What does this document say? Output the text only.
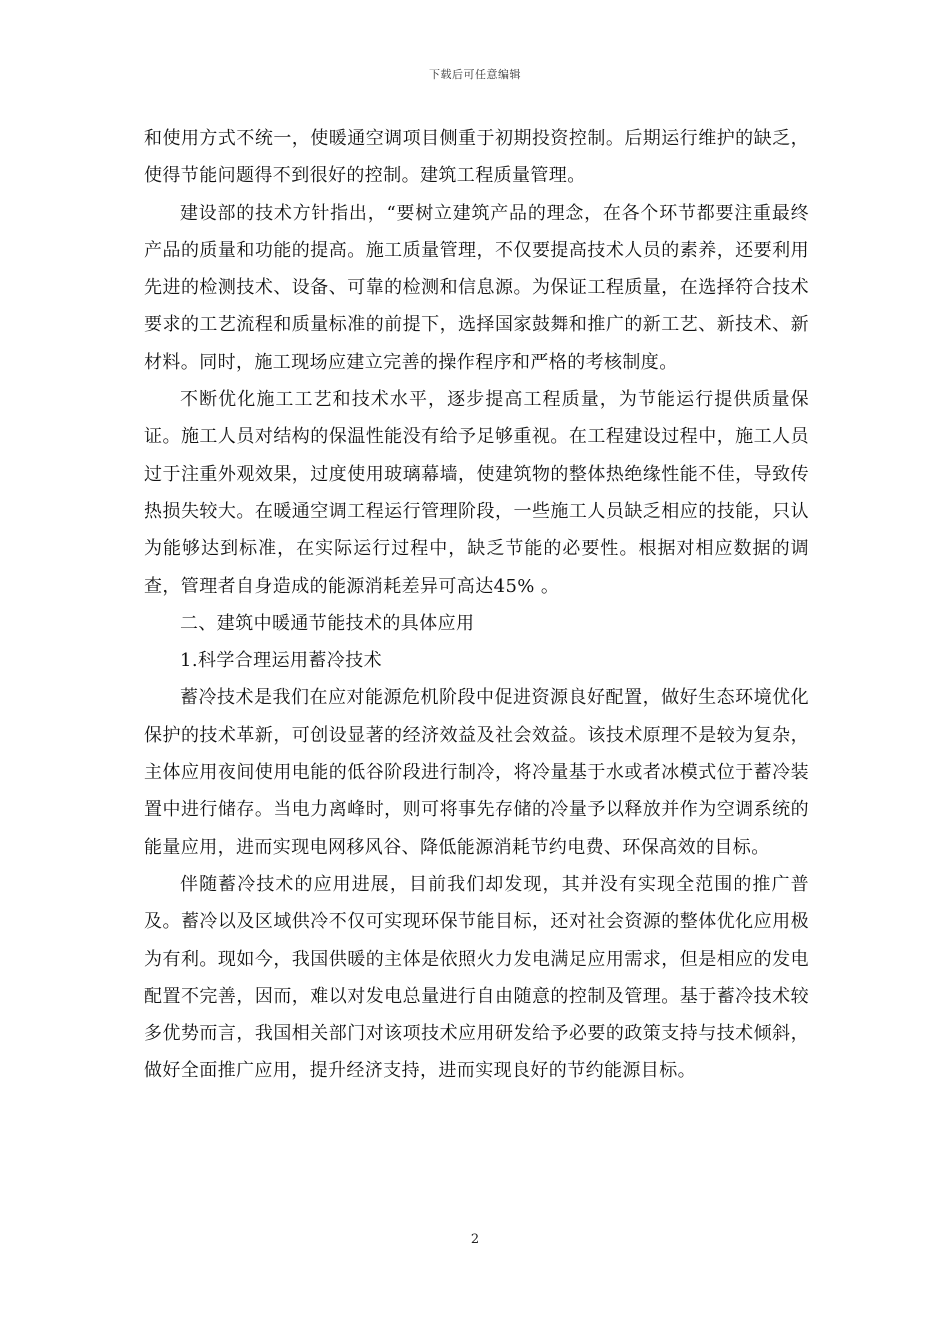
下载后可任意编辑

和使用方式不统一，使暖通空调项目侧重于初期投资控制。后期运行维护的缺乏，使得节能问题得不到很好的控制。建筑工程质量管理。

建设部的技术方针指出，“要树立建筑产品的理念，在各个环节都要注重最终产品的质量和功能的提高。施工质量管理，不仅要提高技术人员的素养，还要利用先进的检测技术、设备、可靠的检测和信息源。为保证工程质量，在选择符合技术要求的工艺流程和质量标准的前提下，选择国家鼓舞和推广的新工艺、新技术、新材料。同时，施工现场应建立完善的操作程序和严格的考核制度。

不断优化施工工艺和技术水平，逐步提高工程质量，为节能运行提供质量保证。施工人员对结构的保温性能没有给予足够重视。在工程建设过程中，施工人员过于注重外观效果，过度使用玻璃幕墙，使建筑物的整体热绝缘性能不佳，导致传热损失较大。在暖通空调工程运行管理阶段，一些施工人员缺乏相应的技能，只认为能够达到标准，在实际运行过程中，缺乏节能的必要性。根据对相应数据的调查，管理者自身造成的能源消耗差异可高达45% 。

二、建筑中暖通节能技术的具体应用

1.科学合理运用蓄冷技术

蓄冷技术是我们在应对能源危机阶段中促进资源良好配置，做好生态环境优化保护的技术革新，可创设显著的经济效益及社会效益。该技术原理不是较为复杂，主体应用夜间使用电能的低谷阶段进行制冷，将冷量基于水或者冰模式位于蓄冷装置中进行储存。当电力离峰时，则可将事先存储的冷量予以释放并作为空调系统的能量应用，进而实现电网移风谷、降低能源消耗节约电费、环保高效的目标。

伴随蓄冷技术的应用进展，目前我们却发现，其并没有实现全范围的推广普及。蓄冷以及区域供冷不仅可实现环保节能目标，还对社会资源的整体优化应用极为有利。现如今，我国供暖的主体是依照火力发电满足应用需求，但是相应的发电配置不完善，因而，难以对发电总量进行自由随意的控制及管理。基于蓄冷技术较多优势而言，我国相关部门对该项技术应用研发给予必要的政策支持与技术倾斜，做好全面推广应用，提升经济支持，进而实现良好的节约能源目标。

2
